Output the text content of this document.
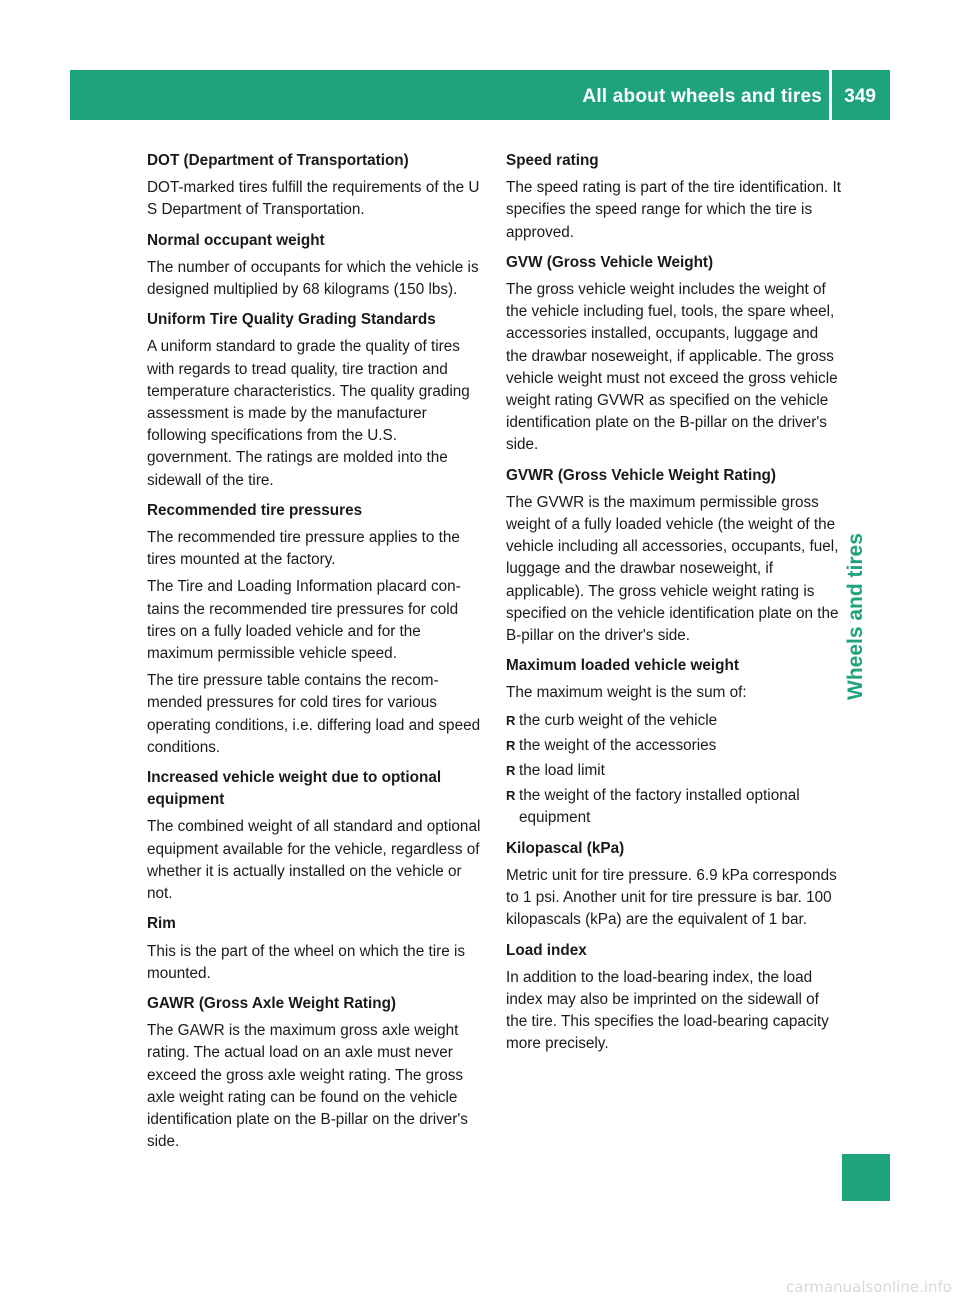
All about wheels and tires 349
Wheels and tires
DOT (Department of Transportation)
DOT-marked tires fulfill the requirements of the U S Department of Transportation.
Normal occupant weight
The number of occupants for which the vehicle is designed multiplied by 68 kilograms (150 lbs).
Uniform Tire Quality Grading Standards
A uniform standard to grade the quality of tires with regards to tread quality, tire traction and temperature characteristics. The quality grading assessment is made by the manufacturer following specifications from the U.S. government. The ratings are molded into the sidewall of the tire.
Recommended tire pressures
The recommended tire pressure applies to the tires mounted at the factory.
The Tire and Loading Information placard contains the recommended tire pressures for cold tires on a fully loaded vehicle and for the maximum permissible vehicle speed.
The tire pressure table contains the recommended pressures for cold tires for various operating conditions, i.e. differing load and speed conditions.
Increased vehicle weight due to optional equipment
The combined weight of all standard and optional equipment available for the vehicle, regardless of whether it is actually installed on the vehicle or not.
Rim
This is the part of the wheel on which the tire is mounted.
GAWR (Gross Axle Weight Rating)
The GAWR is the maximum gross axle weight rating. The actual load on an axle must never exceed the gross axle weight rating. The gross axle weight rating can be found on the vehicle identification plate on the B-pillar on the driver's side.
Speed rating
The speed rating is part of the tire identification. It specifies the speed range for which the tire is approved.
GVW (Gross Vehicle Weight)
The gross vehicle weight includes the weight of the vehicle including fuel, tools, the spare wheel, accessories installed, occupants, luggage and the drawbar noseweight, if applicable. The gross vehicle weight must not exceed the gross vehicle weight rating GVWR as specified on the vehicle identification plate on the B-pillar on the driver's side.
GVWR (Gross Vehicle Weight Rating)
The GVWR is the maximum permissible gross weight of a fully loaded vehicle (the weight of the vehicle including all accessories, occupants, fuel, luggage and the drawbar noseweight, if applicable). The gross vehicle weight rating is specified on the vehicle identification plate on the B-pillar on the driver's side.
Maximum loaded vehicle weight
The maximum weight is the sum of:
R the curb weight of the vehicle
R the weight of the accessories
R the load limit
R the weight of the factory installed optional equipment
Kilopascal (kPa)
Metric unit for tire pressure. 6.9 kPa corresponds to 1 psi. Another unit for tire pressure is bar. 100 kilopascals (kPa) are the equivalent of 1 bar.
Load index
In addition to the load-bearing index, the load index may also be imprinted on the sidewall of the tire. This specifies the load-bearing capacity more precisely.
carmanualsonline.info
